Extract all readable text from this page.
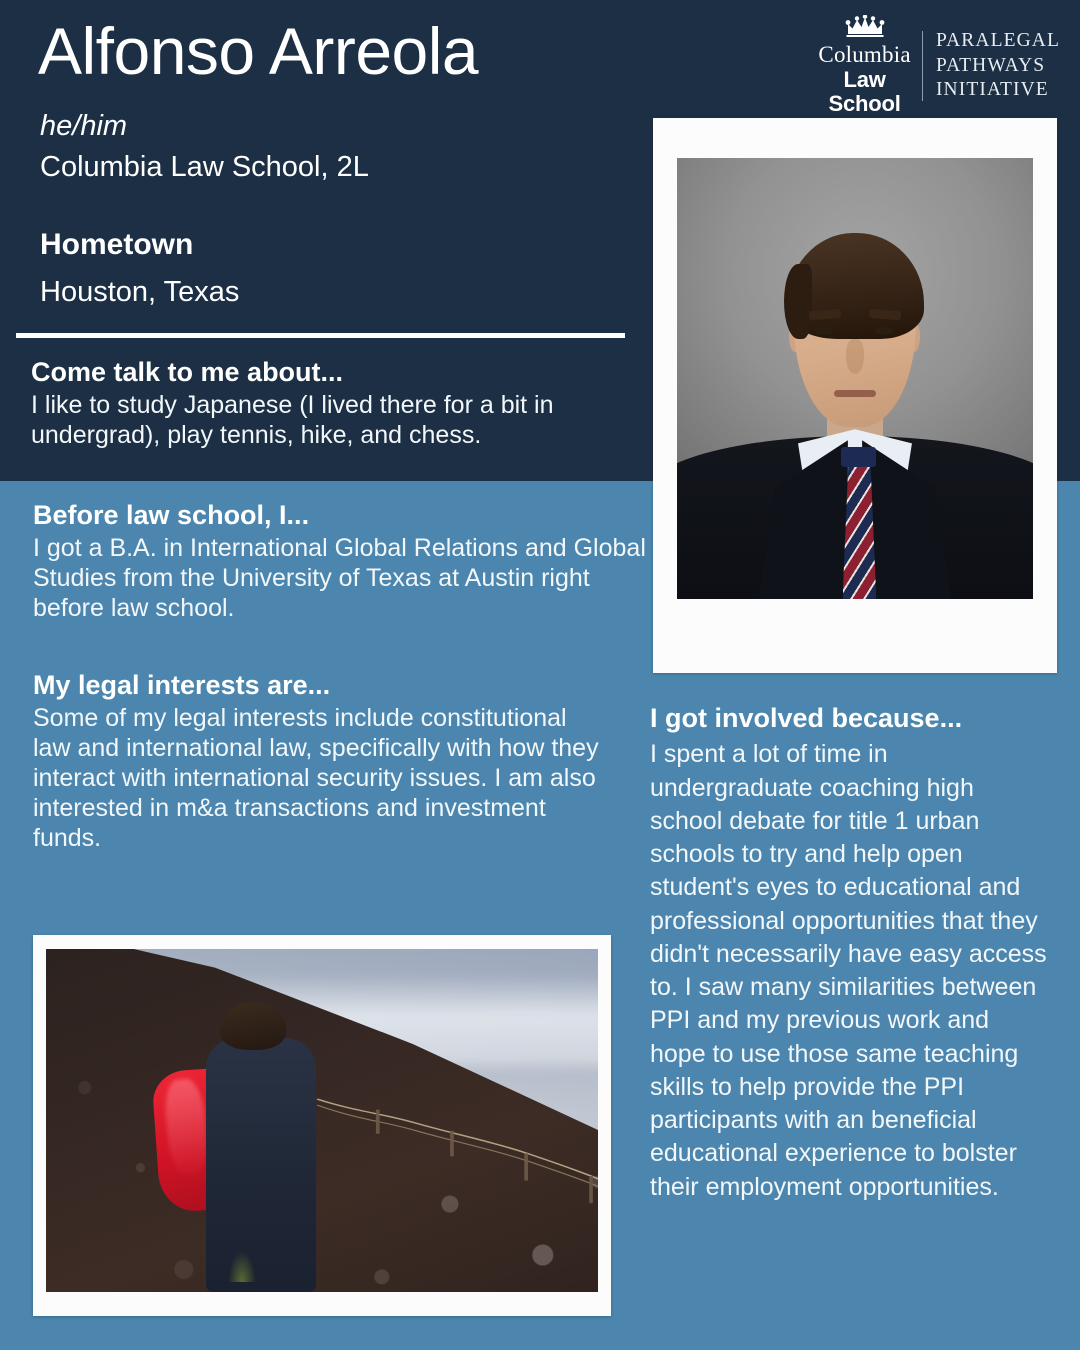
Alfonso Arreola
he/him
Columbia Law School, 2L
Hometown
Houston, Texas
Columbia
Law School
PARALEGAL
PATHWAYS
INITIATIVE

Come talk to me about...

I like to study Japanese (I lived there for a bit in undergrad), play tennis, hike, and chess.

Before law school, I...

I got a B.A. in International Global Relations and Global Studies from the University of Texas at Austin right before law school.

My legal interests are...

Some of my legal interests include constitutional law and international law, specifically with how they interact with international security issues. I am also interested in m&a transactions and investment funds.

I got involved because...

I spent a lot of time in undergraduate coaching high school debate for title 1 urban schools to try and help open student's eyes to educational and professional opportunities that they didn't necessarily have easy access to. I saw many similarities between PPI and my previous work and hope to use those same teaching skills to help provide the PPI participants with an beneficial educational experience to bolster their employment opportunities.
